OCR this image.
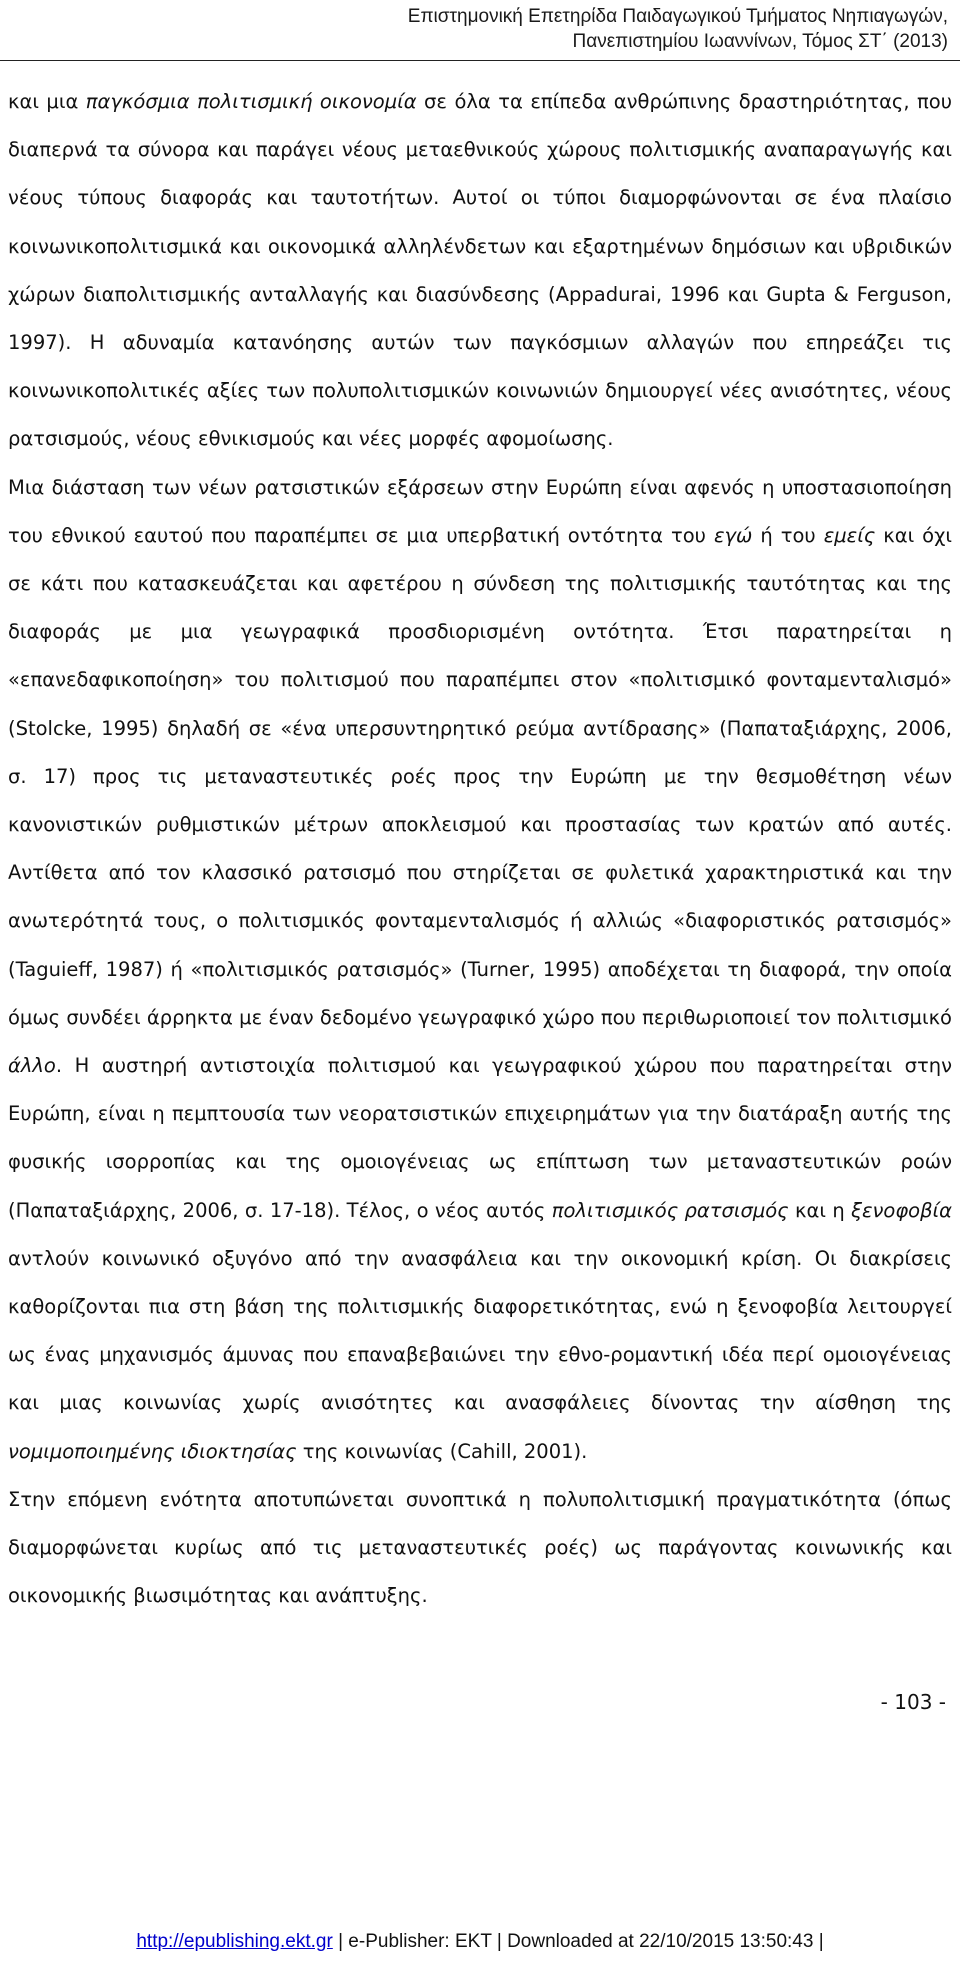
Επιστημονική Επετηρίδα Παιδαγωγικού Τμήματος Νηπιαγωγών,
Πανεπιστημίου Ιωαννίνων, Τόμος ΣΤ΄ (2013)

και μια παγκόσμια πολιτισμική οικονομία σε όλα τα επίπεδα ανθρώπινης δραστηριότητας, που διαπερνά τα σύνορα και παράγει νέους μεταεθνικούς χώρους πολιτισμικής αναπαραγωγής και νέους τύπους διαφοράς και ταυτοτήτων. Αυτοί οι τύποι διαμορφώνονται σε ένα πλαίσιο κοινωνικοπολιτισμικά και οικονομικά αλληλένδετων και εξαρτημένων δημόσιων και υβριδικών χώρων διαπολιτισμικής ανταλλαγής και διασύνδεσης (Appadurai, 1996 και Gupta & Ferguson, 1997). Η αδυναμία κατανόησης αυτών των παγκόσμιων αλλαγών που επηρεάζει τις κοινωνικοπολιτικές αξίες των πολυπολιτισμικών κοινωνιών δημιουργεί νέες ανισότητες, νέους ρατσισμούς, νέους εθνικισμούς και νέες μορφές αφομοίωσης.

Μια διάσταση των νέων ρατσιστικών εξάρσεων στην Ευρώπη είναι αφενός η υποστασιοποίηση του εθνικού εαυτού που παραπέμπει σε μια υπερβατική οντότητα του εγώ ή του εμείς και όχι σε κάτι που κατασκευάζεται και αφετέρου η σύνδεση της πολιτισμικής ταυτότητας και της διαφοράς με μια γεωγραφικά προσδιορισμένη οντότητα. Έτσι παρατηρείται η «επανεδαφικοποίηση» του πολιτισμού που παραπέμπει στον «πολιτισμικό φονταμενταλισμό» (Stolcke, 1995) δηλαδή σε «ένα υπερσυντηρητικό ρεύμα αντίδρασης» (Παπαταξιάρχης, 2006, σ. 17) προς τις μεταναστευτικές ροές προς την Ευρώπη με την θεσμοθέτηση νέων κανονιστικών ρυθμιστικών μέτρων αποκλεισμού και προστασίας των κρατών από αυτές. Αντίθετα από τον κλασσικό ρατσισμό που στηρίζεται σε φυλετικά χαρακτηριστικά και την ανωτερότητά τους, ο πολιτισμικός φονταμενταλισμός ή αλλιώς «διαφοριστικός ρατσισμός» (Taguieff, 1987) ή «πολιτισμικός ρατσισμός» (Turner, 1995) αποδέχεται τη διαφορά, την οποία όμως συνδέει άρρηκτα με έναν δεδομένο γεωγραφικό χώρο που περιθωριοποιεί τον πολιτισμικό άλλο. Η αυστηρή αντιστοιχία πολιτισμού και γεωγραφικού χώρου που παρατηρείται στην Ευρώπη, είναι η πεμπτουσία των νεορατσιστικών επιχειρημάτων για την διατάραξη αυτής της φυσικής ισορροπίας και της ομοιογένειας ως επίπτωση των μεταναστευτικών ροών (Παπαταξιάρχης, 2006, σ. 17-18). Τέλος, ο νέος αυτός πολιτισμικός ρατσισμός και η ξενοφοβία αντλούν κοινωνικό οξυγόνο από την ανασφάλεια και την οικονομική κρίση. Οι διακρίσεις καθορίζονται πια στη βάση της πολιτισμικής διαφορετικότητας, ενώ η ξενοφοβία λειτουργεί ως ένας μηχανισμός άμυνας που επαναβεβαιώνει την εθνο-ρομαντική ιδέα περί ομοιογένειας και μιας κοινωνίας χωρίς ανισότητες και ανασφάλειες δίνοντας την αίσθηση της νομιμοποιημένης ιδιοκτησίας της κοινωνίας (Cahill, 2001).

Στην επόμενη ενότητα αποτυπώνεται συνοπτικά η πολυπολιτισμική πραγματικότητα (όπως διαμορφώνεται κυρίως από τις μεταναστευτικές ροές) ως παράγοντας κοινωνικής και οικονομικής βιωσιμότητας και ανάπτυξης.

- 103 -
http://epublishing.ekt.gr | e-Publisher: EKT | Downloaded at 22/10/2015 13:50:43 |
